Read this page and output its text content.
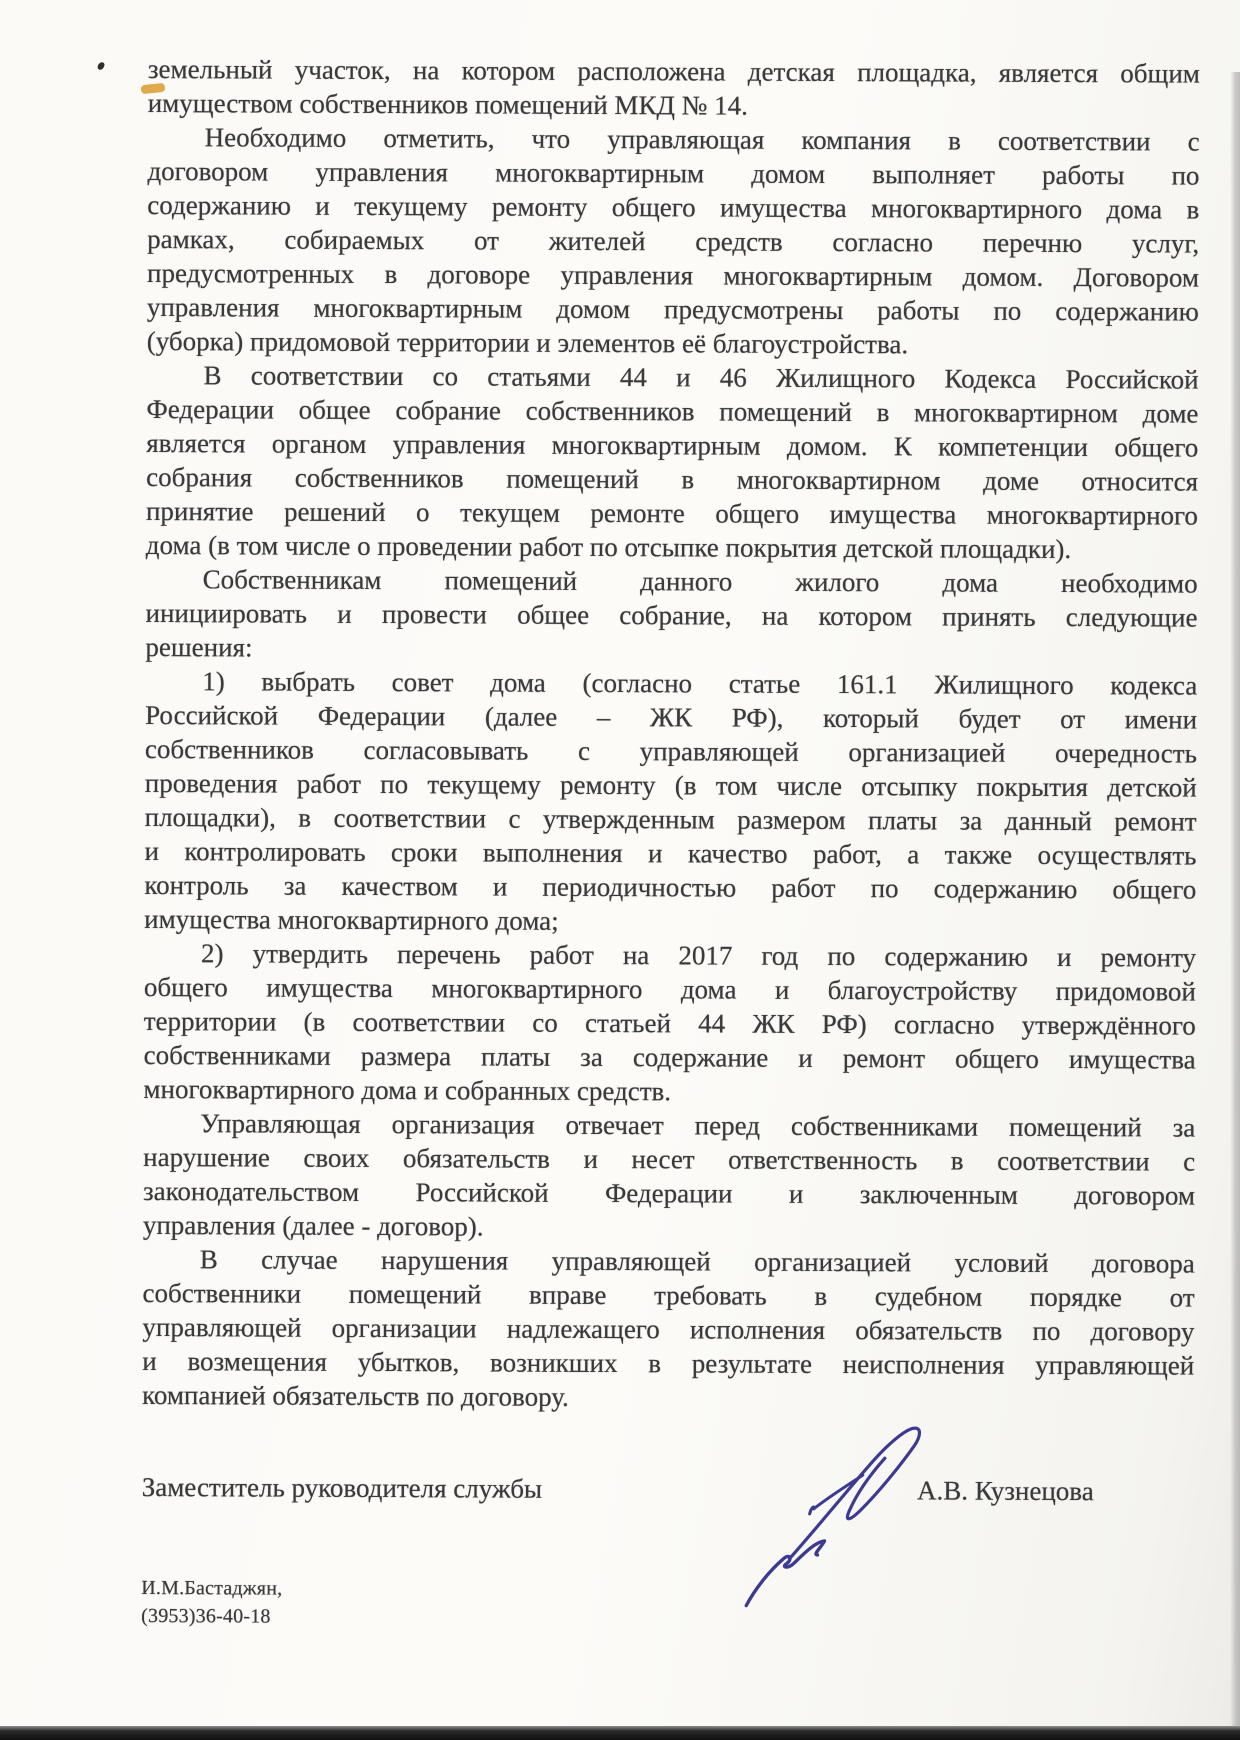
земельный участок, на котором расположена детская площадка, является общим
имуществом собственников помещений МКД № 14.
Необходимо отметить, что управляющая компания в соответствии с
договором управления многоквартирным домом выполняет работы по
содержанию и текущему ремонту общего имущества многоквартирного дома в
рамках, собираемых от жителей средств согласно перечню услуг,
предусмотренных в договоре управления многоквартирным домом. Договором
управления многоквартирным домом предусмотрены работы по содержанию
(уборка) придомовой территории и элементов её благоустройства.
В соответствии со статьями 44 и 46 Жилищного Кодекса Российской
Федерации общее собрание собственников помещений в многоквартирном доме
является органом управления многоквартирным домом. К компетенции общего
собрания собственников помещений в многоквартирном доме относится
принятие решений о текущем ремонте общего имущества многоквартирного
дома (в том числе о проведении работ по отсыпке покрытия детской площадки).
Собственникам помещений данного жилого дома необходимо
инициировать и провести общее собрание, на котором принять следующие
решения:
1) выбрать совет дома (согласно статье 161.1 Жилищного кодекса
Российской Федерации (далее – ЖК РФ), который будет от имени
собственников согласовывать с управляющей организацией очередность
проведения работ по текущему ремонту (в том числе отсыпку покрытия детской
площадки), в соответствии с утвержденным размером платы за данный ремонт
и контролировать сроки выполнения и качество работ, а также осуществлять
контроль за качеством и периодичностью работ по содержанию общего
имущества многоквартирного дома;
2) утвердить перечень работ на 2017 год по содержанию и ремонту
общего имущества многоквартирного дома и благоустройству придомовой
территории (в соответствии со статьей 44 ЖК РФ) согласно утверждённого
собственниками размера платы за содержание и ремонт общего имущества
многоквартирного дома и собранных средств.
Управляющая организация отвечает перед собственниками помещений за
нарушение своих обязательств и несет ответственность в соответствии с
законодательством Российской Федерации и заключенным договором
управления (далее - договор).
В случае нарушения управляющей организацией условий договора
собственники помещений вправе требовать в судебном порядке от
управляющей организации надлежащего исполнения обязательств по договору
и возмещения убытков, возникших в результате неисполнения управляющей
компанией обязательств по договору.
Заместитель руководителя службы	А.В. Кузнецова
И.М.Бастаджян,
(3953)36-40-18
